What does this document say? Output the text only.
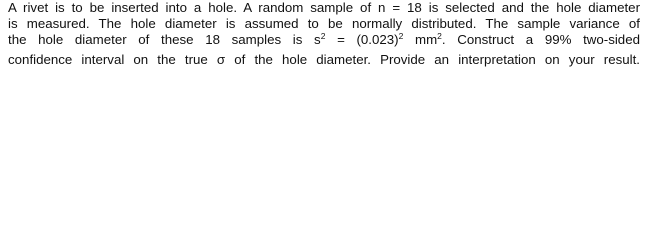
A rivet is to be inserted into a hole. A random sample of n = 18 is selected and the hole diameter
is measured. The hole diameter is assumed to be normally distributed. The sample variance of
the hole diameter of these 18 samples is $s^2 = (0.023)^2$ $mm^2$. Construct a 99% two-sided
confidence interval on the true σ of the hole diameter. Provide an interpretation on your result.
